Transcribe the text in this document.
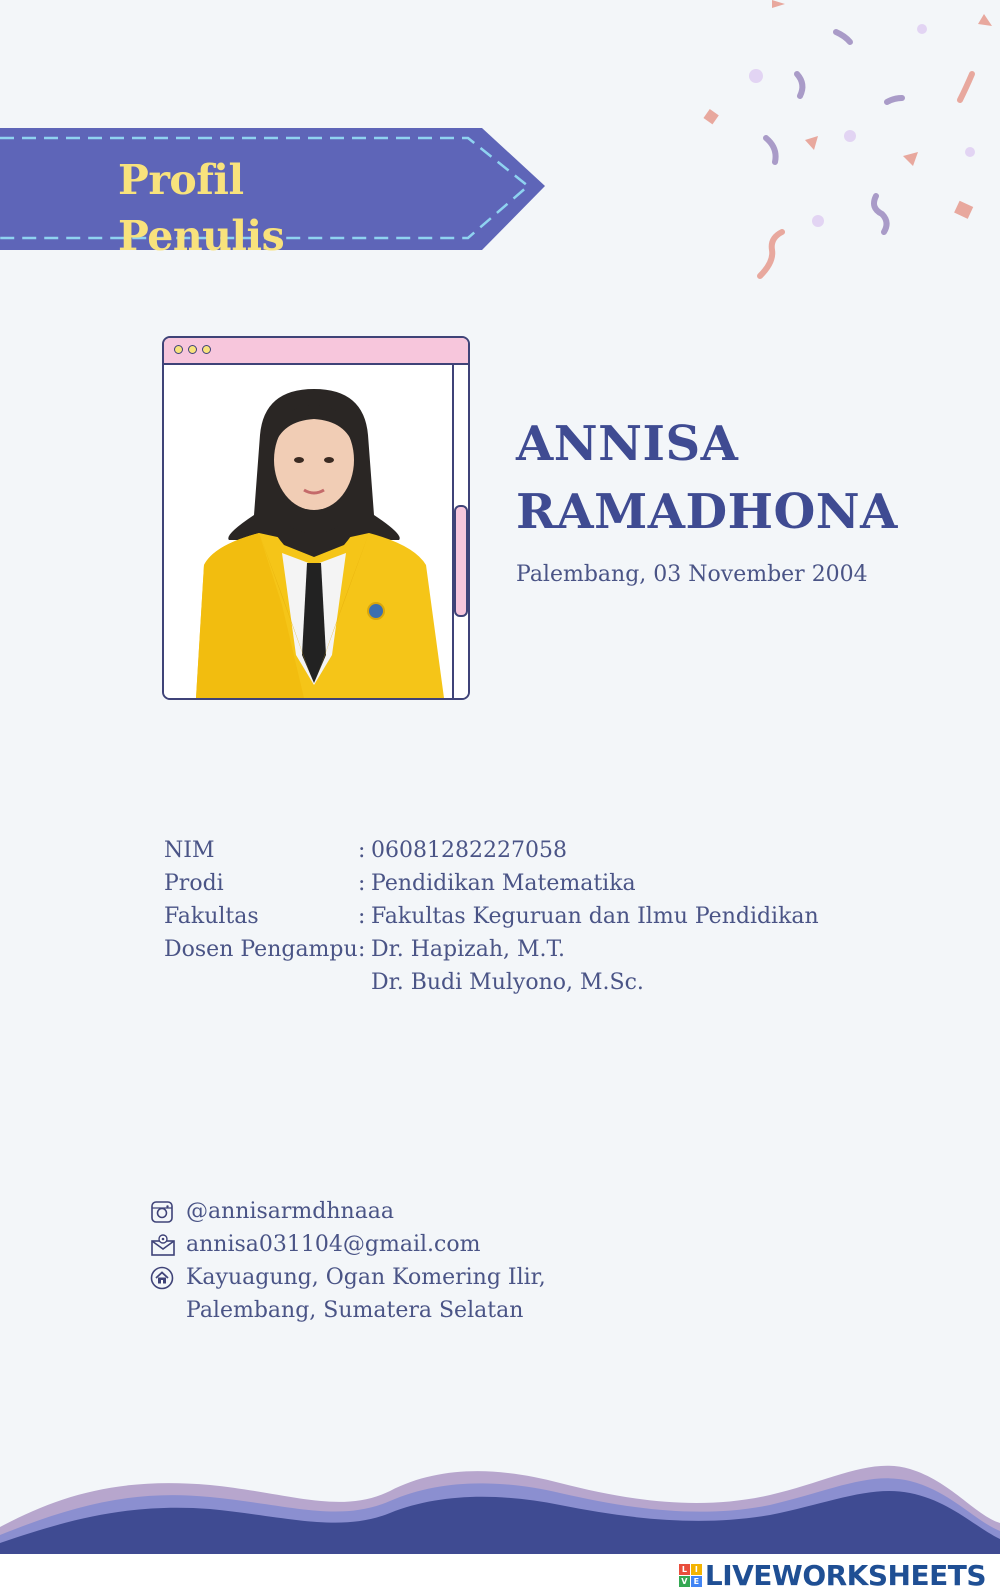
Profil Penulis
ANNISA
RAMADHONA
Palembang, 03 November 2004
NIM	: 06081282227058
Prodi	: Pendidikan Matematika
Fakultas	: Fakultas Keguruan dan Ilmu Pendidikan
Dosen Pengampu : Dr. Hapizah, M.T.
Dr. Budi Mulyono, M.Sc.
@annisarmdhnaaa
annisa031104@gmail.com
Kayuagung, Ogan Komering Ilir,
Palembang, Sumatera Selatan
L I
V E LIVEWORKSHEETS
